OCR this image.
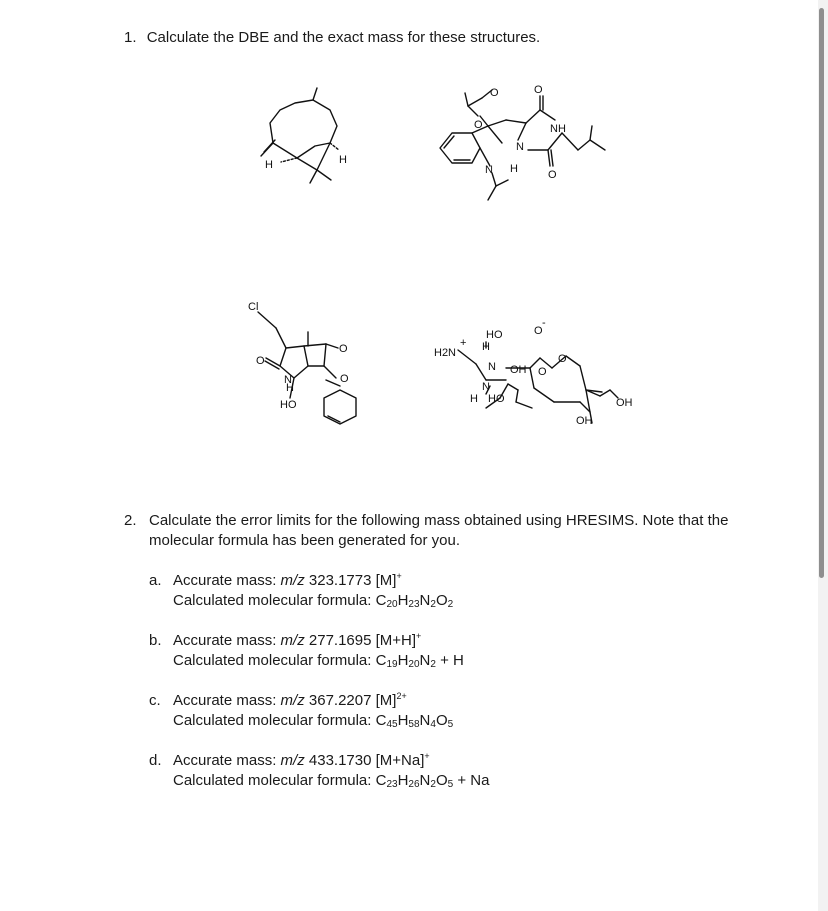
1. Calculate the DBE and the exact mass for these structures.
H	H
O
O	NH
N
N H
O
O
Cl
O
N
H
HO
O
O
HO	O
-
H
H2N
+
N OH O
O
N
H HO
OH
OH
2. Calculate the error limits for the following mass obtained using HRESIMS. Note that the molecular formula has been generated for you.
a. Accurate mass: m/z 323.1773 [M]+
Calculated molecular formula: $C_{20}H_{23}N_2O_2$
b. Accurate mass: m/z 277.1695 [M+H]+
Calculated molecular formula: $C_{19}H_{20}N_2 + H$
c. Accurate mass: m/z 367.2207 $[M]^{2+}$
Calculated molecular formula: $C_{45}H_{58}N_4O_5$
d. Accurate mass: m/z 433.1730 [M+Na]+
Calculated molecular formula: $C_{23}H_{26}N_2O_5 + Na$
